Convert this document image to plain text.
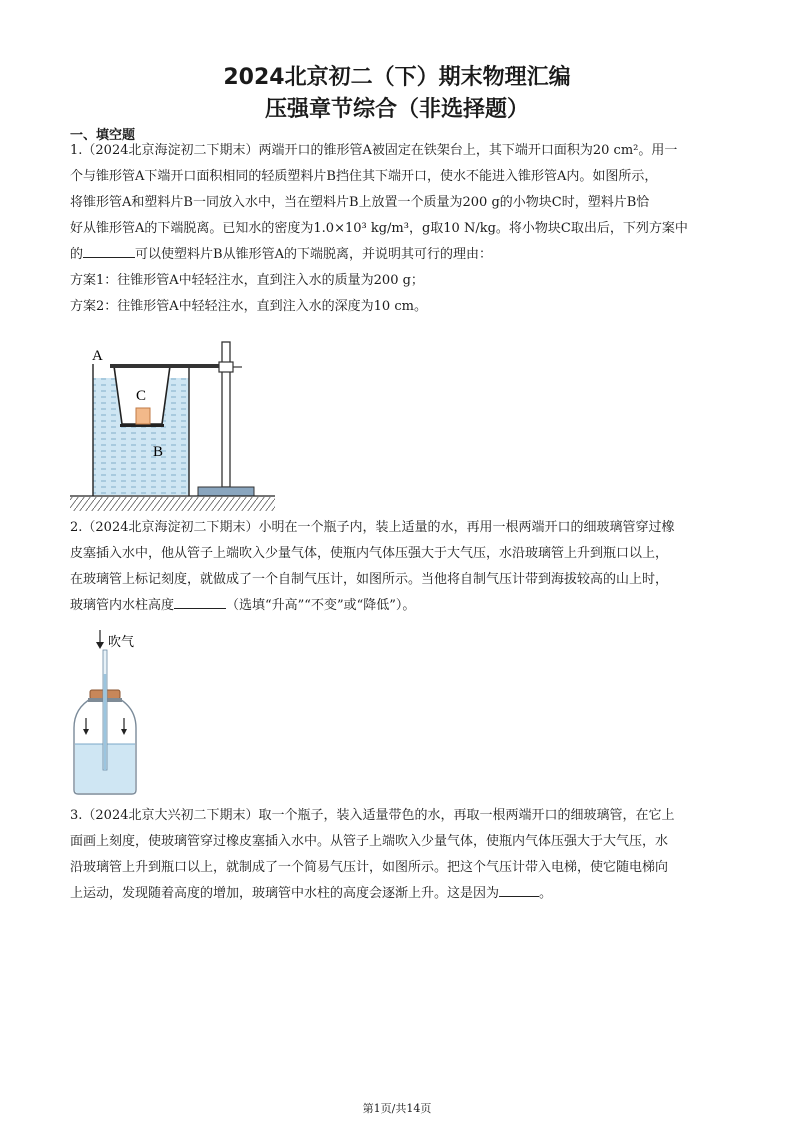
2024北京初二（下）期末物理汇编
压强章节综合（非选择题）
一、填空题
1.（2024北京海淀初二下期末）两端开口的锥形管A被固定在铁架台上，其下端开口面积为20 cm²。用一
个与锥形管A下端开口面积相同的轻质塑料片B挡住其下端开口，使水不能进入锥形管A内。如图所示，
将锥形管A和塑料片B一同放入水中，当在塑料片B上放置一个质量为200 g的小物块C时，塑料片B恰
好从锥形管A的下端脱离。已知水的密度为1.0×10³ kg/m³，g取10 N/kg。将小物块C取出后，下列方案中
的	可以使塑料片B从锥形管A的下端脱离，并说明其可行的理由：
方案1：往锥形管A中轻轻注水，直到注入水的质量为200 g；
方案2：往锥形管A中轻轻注水，直到注入水的深度为10 cm。
A
C
B
2.（2024北京海淀初二下期末）小明在一个瓶子内，装上适量的水，再用一根两端开口的细玻璃管穿过橡
皮塞插入水中，他从管子上端吹入少量气体，使瓶内气体压强大于大气压，水沿玻璃管上升到瓶口以上，
在玻璃管上标记刻度，就做成了一个自制气压计，如图所示。当他将自制气压计带到海拔较高的山上时，
玻璃管内水柱高度	（选填“升高”“不变”或“降低”）。
吹气
3.（2024北京大兴初二下期末）取一个瓶子，装入适量带色的水，再取一根两端开口的细玻璃管，在它上
面画上刻度，使玻璃管穿过橡皮塞插入水中。从管子上端吹入少量气体，使瓶内气体压强大于大气压，水
沿玻璃管上升到瓶口以上，就制成了一个简易气压计，如图所示。把这个气压计带入电梯，使它随电梯向
上运动，发现随着高度的增加，玻璃管中水柱的高度会逐渐上升。这是因为	。
第1页/共14页
